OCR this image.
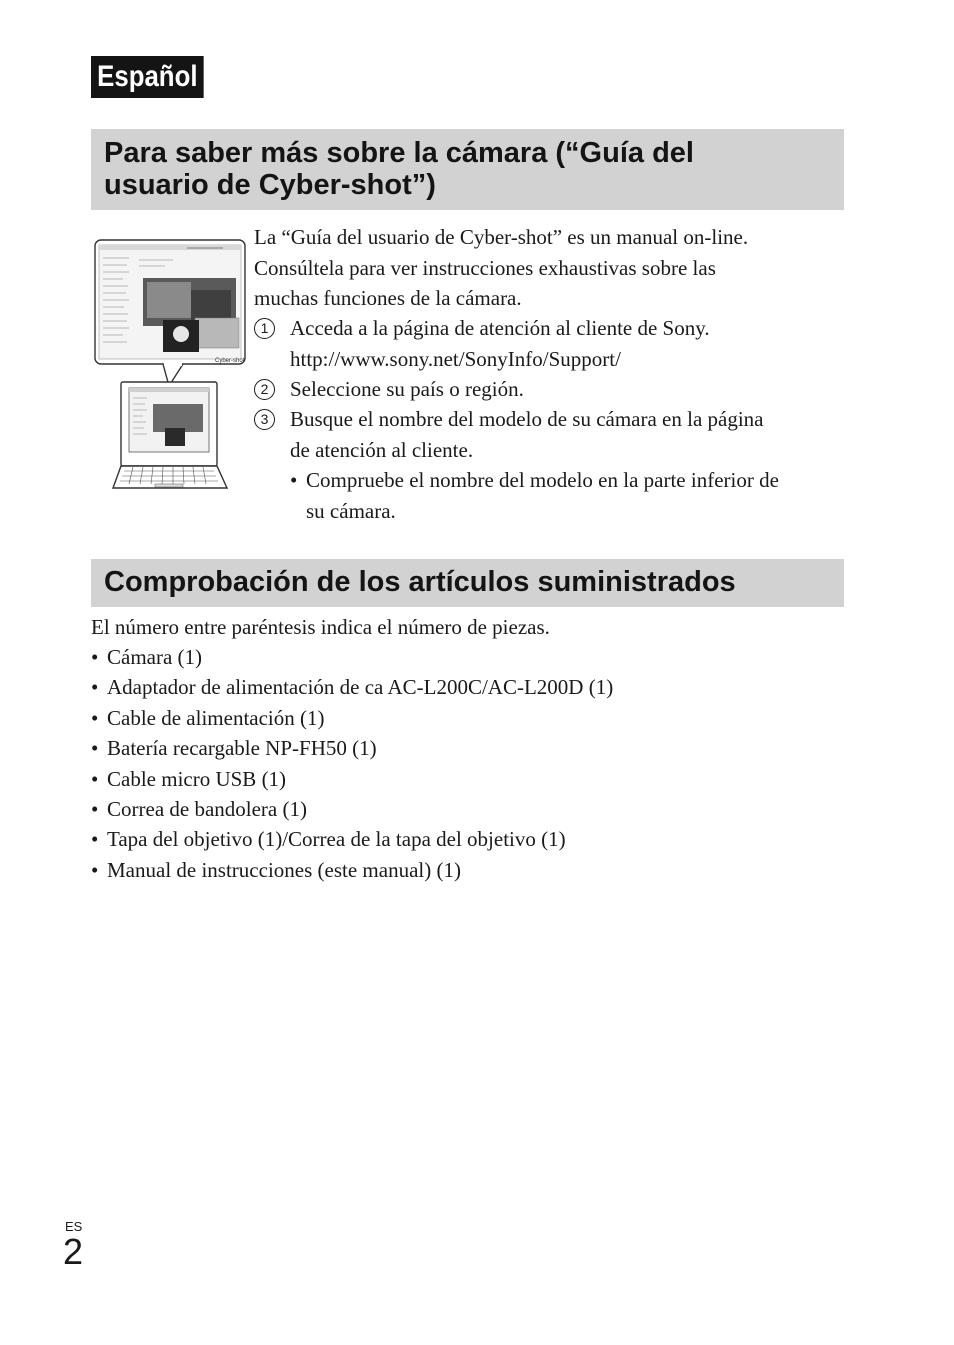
Español
Para saber más sobre la cámara (“Guía del
usuario de Cyber-shot”)
Cyber-shot
La “Guía del usuario de Cyber-shot” es un manual on-line.
Consúltela para ver instrucciones exhaustivas sobre las
muchas funciones de la cámara.
1	Acceda a la página de atención al cliente de Sony.
http://www.sony.net/SonyInfo/Support/
2	Seleccione su país o región.
3	Busque el nombre del modelo de su cámara en la página
de atención al cliente.
• Compruebe el nombre del modelo en la parte inferior de
su cámara.
Comprobación de los artículos suministrados
El número entre paréntesis indica el número de piezas.
• Cámara (1)
• Adaptador de alimentación de ca AC-L200C/AC-L200D (1)
• Cable de alimentación (1)
• Batería recargable NP-FH50 (1)
• Cable micro USB (1)
• Correa de bandolera (1)
• Tapa del objetivo (1)/Correa de la tapa del objetivo (1)
• Manual de instrucciones (este manual) (1)
ES
2
